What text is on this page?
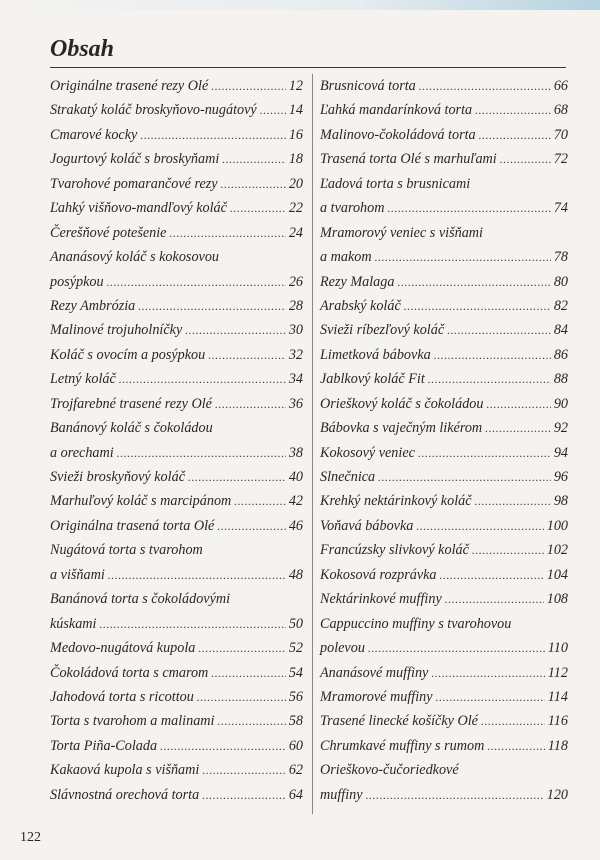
Obsah
Originálne trasené rezy Olé .....	12
Strakatý koláč broskyňovo-nugátový ..... 14
Cmarové kocky .....	16
Jogurtový koláč s broskyňami .....	18
Tvarohové pomarančové rezy .....	20
Ľahký višňovo-mandľový koláč .....	22
Čerešňové potešenie .....	24
Ananásový koláč s kokosovou
posýpkou .....	26
Rezy Ambrózia .....	28
Malinové trojuholníčky .....	30
Koláč s ovocím a posýpkou .....	32
Letný koláč .....	34
Trojfarebné trasené rezy Olé .....	36
Banánový koláč s čokoládou
a orechami .....	38
Svieži broskyňový koláč .....	40
Marhuľový koláč s marcipánom .....	42
Originálna trasená torta Olé .....	46
Nugátová torta s tvarohom
a višňami .....	48
Banánová torta s čokoládovými
kúskami .....	50
Medovo-nugátová kupola .....	52
Čokoládová torta s cmarom .....	54
Jahodová torta s ricottou .....	56
Torta s tvarohom a malinami .....	58
Torta Piña-Colada .....	60
Kakaová kupola s višňami .....	62
Slávnostná orechová torta .....	64
Brusnicová torta .....	66
Ľahká mandarínková torta .....	68
Malinovo-čokoládová torta .....	70
Trasená torta Olé s marhuľami .....	72
Ľadová torta s brusnicami
a tvarohom .....	74
Mramorový veniec s višňami
a makom .....	78
Rezy Malaga .....	80
Arabský koláč .....	82
Svieži ríbezľový koláč .....	84
Limetková bábovka .....	86
Jablkový koláč Fit .....	88
Orieškový koláč s čokoládou .....	90
Bábovka s vaječným likérom .....	92
Kokosový veniec .....	94
Slnečnica .....	96
Krehký nektárinkový koláč .....	98
Voňavá bábovka .....	100
Francúzsky slivkový koláč .....	102
Kokosová rozprávka .....	104
Nektárinkové muffiny .....	108
Cappuccino muffiny s tvarohovou
polevou .....	110
Ananásové muffiny .....	112
Mramorové muffiny .....	114
Trasené linecké košíčky Olé .....	116
Chrumkavé muffiny s rumom .....	118
Orieškovo-čučoriedkové
muffiny .....	120
122
